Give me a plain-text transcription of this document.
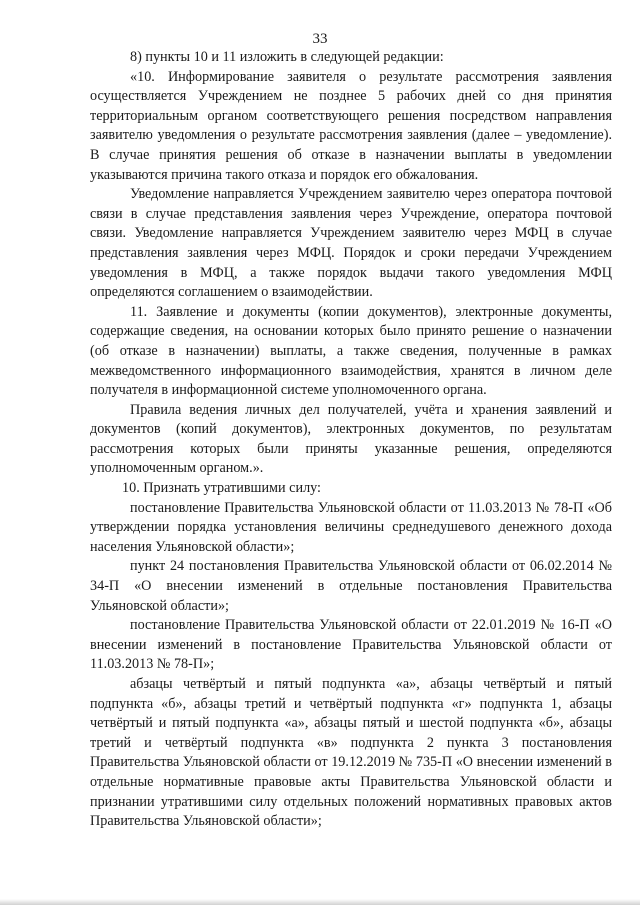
33

8) пункты 10 и 11 изложить в следующей редакции:

«10. Информирование заявителя о результате рассмотрения заявления осуществляется Учреждением не позднее 5 рабочих дней со дня принятия территориальным органом соответствующего решения посредством направления заявителю уведомления о результате рассмотрения заявления (далее – уведомление). В случае принятия решения об отказе в назначении выплаты в уведомлении указываются причина такого отказа и порядок его обжалования.

Уведомление направляется Учреждением заявителю через оператора почтовой связи в случае представления заявления через Учреждение, оператора почтовой связи. Уведомление направляется Учреждением заявителю через МФЦ в случае представления заявления через МФЦ. Порядок и сроки передачи Учреждением уведомления в МФЦ, а также порядок выдачи такого уведомления МФЦ определяются соглашением о взаимодействии.

11. Заявление и документы (копии документов), электронные документы, содержащие сведения, на основании которых было принято решение о назначении (об отказе в назначении) выплаты, а также сведения, полученные в рамках межведомственного информационного взаимодействия, хранятся в личном деле получателя в информационной системе уполномоченного органа.

Правила ведения личных дел получателей, учёта и хранения заявлений и документов (копий документов), электронных документов, по результатам рассмотрения которых были приняты указанные решения, определяются уполномоченным органом.».

10. Признать утратившими силу:

постановление Правительства Ульяновской области от 11.03.2013 № 78-П «Об утверждении порядка установления величины среднедушевого денежного дохода населения Ульяновской области»;

пункт 24 постановления Правительства Ульяновской области от 06.02.2014 № 34-П «О внесении изменений в отдельные постановления Правительства Ульяновской области»;

постановление Правительства Ульяновской области от 22.01.2019 № 16-П «О внесении изменений в постановление Правительства Ульяновской области от 11.03.2013 № 78-П»;

абзацы четвёртый и пятый подпункта «а», абзацы четвёртый и пятый подпункта «б», абзацы третий и четвёртый подпункта «г» подпункта 1, абзацы четвёртый и пятый подпункта «а», абзацы пятый и шестой подпункта «б», абзацы третий и четвёртый подпункта «в» подпункта 2 пункта 3 постановления Правительства Ульяновской области от 19.12.2019 № 735-П «О внесении изменений в отдельные нормативные правовые акты Правительства Ульяновской области и признании утратившими силу отдельных положений нормативных правовых актов Правительства Ульяновской области»;
